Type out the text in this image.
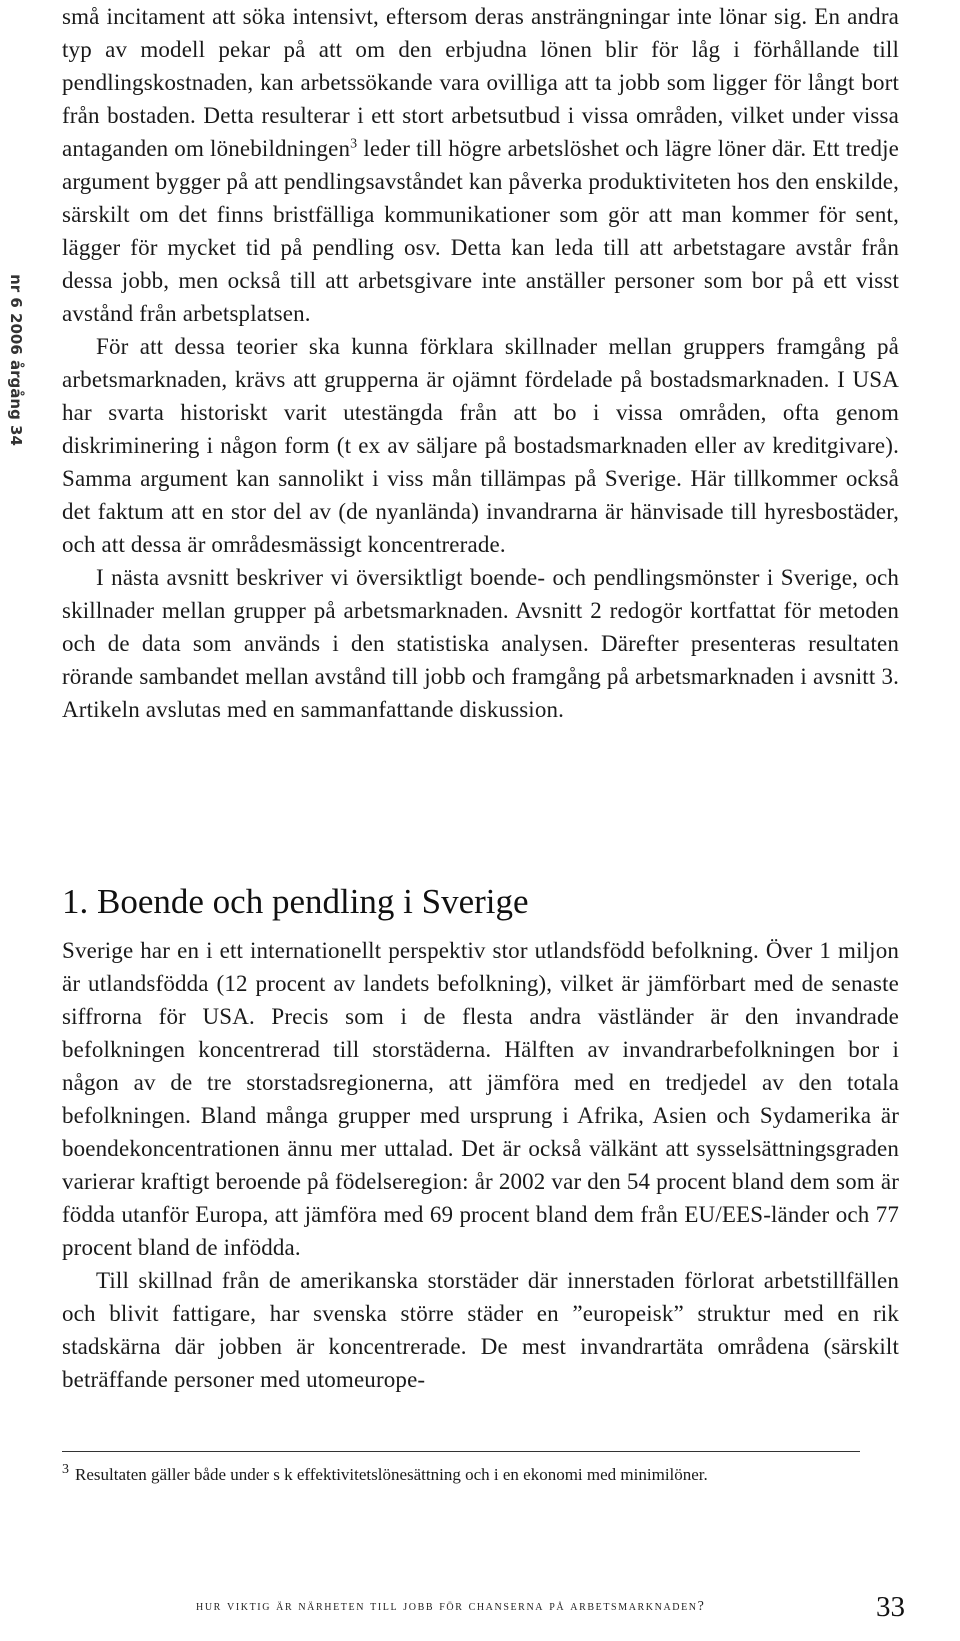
nr 6 2006 årgång 34

små incitament att söka intensivt, eftersom deras ansträngningar inte lönar sig. En andra typ av modell pekar på att om den erbjudna lönen blir för låg i förhållande till pendlingskostnaden, kan arbetssökande vara ovilliga att ta jobb som ligger för långt bort från bostaden. Detta resulterar i ett stort arbetsutbud i vissa områden, vilket under vissa antaganden om lönebildningen$^3$ leder till högre arbetslöshet och lägre löner där. Ett tredje argument bygger på att pendlingsavståndet kan påverka produktiviteten hos den enskilde, särskilt om det finns bristfälliga kommunikationer som gör att man kommer för sent, lägger för mycket tid på pendling osv. Detta kan leda till att arbetstagare avstår från dessa jobb, men också till att arbetsgivare inte anställer personer som bor på ett visst avstånd från arbetsplatsen.

För att dessa teorier ska kunna förklara skillnader mellan gruppers framgång på arbetsmarknaden, krävs att grupperna är ojämnt fördelade på bostadsmarknaden. I USA har svarta historiskt varit utestängda från att bo i vissa områden, ofta genom diskriminering i någon form (t ex av säljare på bostadsmarknaden eller av kreditgivare). Samma argument kan sannolikt i viss mån tillämpas på Sverige. Här tillkommer också det faktum att en stor del av (de nyanlända) invandrarna är hänvisade till hyresbostäder, och att dessa är områdesmässigt koncentrerade.

I nästa avsnitt beskriver vi översiktligt boende- och pendlingsmönster i Sverige, och skillnader mellan grupper på arbetsmarknaden. Avsnitt 2 redogör kortfattat för metoden och de data som används i den statistiska analysen. Därefter presenteras resultaten rörande sambandet mellan avstånd till jobb och framgång på arbetsmarknaden i avsnitt 3. Artikeln avslutas med en sammanfattande diskussion.

1. Boende och pendling i Sverige

Sverige har en i ett internationellt perspektiv stor utlandsfödd befolkning. Över 1 miljon är utlandsfödda (12 procent av landets befolkning), vilket är jämförbart med de senaste siffrorna för USA. Precis som i de flesta andra västländer är den invandrade befolkningen koncentrerad till storstäderna. Hälften av invandrarbefolkningen bor i någon av de tre storstadsregionerna, att jämföra med en tredjedel av den totala befolkningen. Bland många grupper med ursprung i Afrika, Asien och Sydamerika är boendekoncentrationen ännu mer uttalad. Det är också välkänt att sysselsättningsgraden varierar kraftigt beroende på födelseregion: år 2002 var den 54 procent bland dem som är födda utanför Europa, att jämföra med 69 procent bland dem från EU/EES-länder och 77 procent bland de infödda.

Till skillnad från de amerikanska storstäder där innerstaden förlorat arbetstillfällen och blivit fattigare, har svenska större städer en ”europeisk” struktur med en rik stadskärna där jobben är koncentrerade. De mest invandrartäta områdena (särskilt beträffande personer med utomeurope-

$^3$ Resultaten gäller både under s k effektivitetslönesättning och i en ekonomi med minimilöner.

hur viktig är närheten till jobb för chanserna på arbetsmarknaden?	33
